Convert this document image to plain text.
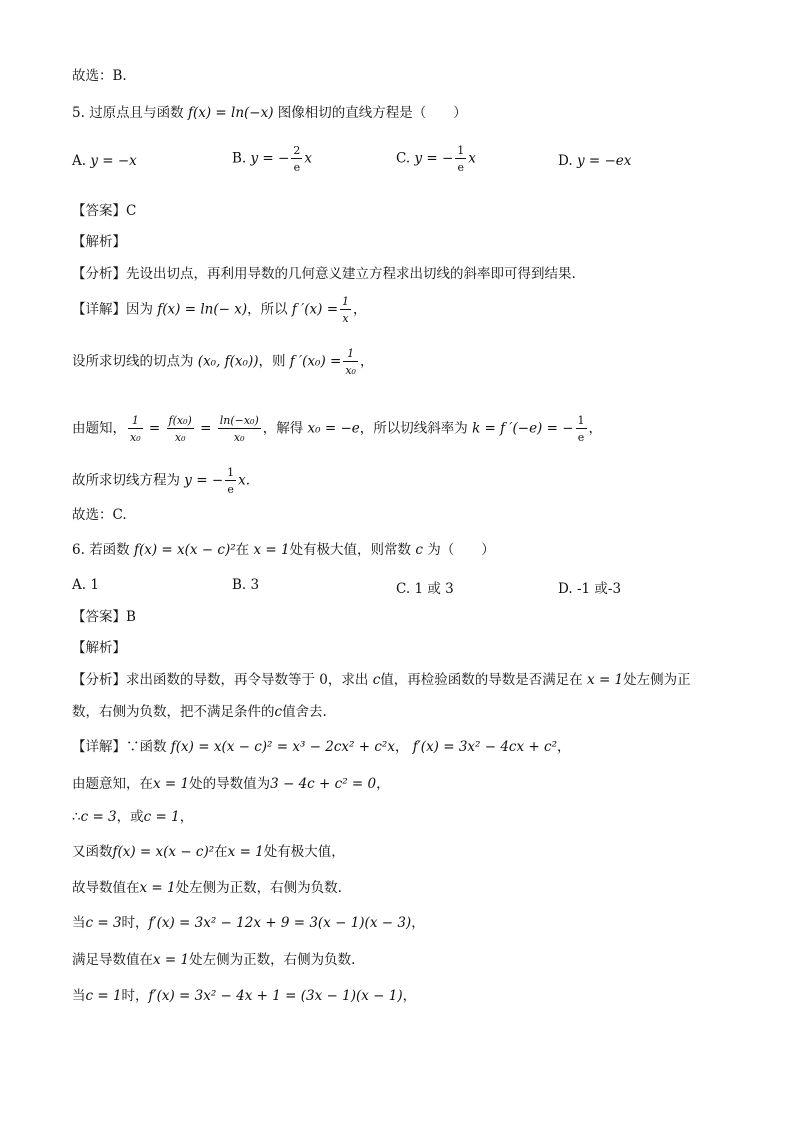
故选：B.
5. 过原点且与函数 f(x) = ln(−x) 图像相切的直线方程是（　　）
A. y = −x	B. y = − $\frac{2}{e}$ x	C. y = − $\frac{1}{e}$ x	D. y = −ex
【答案】C
【解析】
【分析】先设出切点，再利用导数的几何意义建立方程求出切线的斜率即可得到结果.
【详解】因为 f(x) = ln(− x)，所以 f $'(x) = \frac{1}{x}$ ，
设所求切线的切点为 (x₀, f(x₀))，则 f $'(x_0) = \frac{1}{\text{x₀}}$ ，
由题知， $\frac{1}{\text{x₀}} = \frac{\text{f(x₀)}}{\text{x₀}} = \frac{\text{ln(−x₀)}}{\text{x₀}}$ ，解得 x₀ = −e，所以切线斜率为 k = f ′(−e) = − $\frac{1}{e}$ ，
故所求切线方程为 y = − $\frac{1}{e} x$.
故选：C.
6. 若函数 f(x) = x(x − c)²在 x = 1处有极大值，则常数 c 为（　　）
A. 1	B. 3	C. 1 或 3	D. -1 或-3
【答案】B
【解析】
【分析】求出函数的导数，再令导数等于 0，求出 c值，再检验函数的导数是否满足在 x = 1处左侧为正
数，右侧为负数，把不满足条件的c值舍去.
【详解】∵函数 f(x) = x(x − c)² = x³ − 2cx² + c²x， f′(x) = 3x² − 4cx + c²，
由题意知，在x = 1处的导数值为3 − 4c + c² = 0，
∴c = 3，或c = 1，
又函数f(x) = x(x − c)²在x = 1处有极大值，
故导数值在x = 1处左侧为正数，右侧为负数.
当c = 3时，f′(x) = 3x² − 12x + 9 = 3(x − 1)(x − 3)，
满足导数值在x = 1处左侧为正数，右侧为负数.
当c = 1时，f′(x) = 3x² − 4x + 1 = (3x − 1)(x − 1)，
